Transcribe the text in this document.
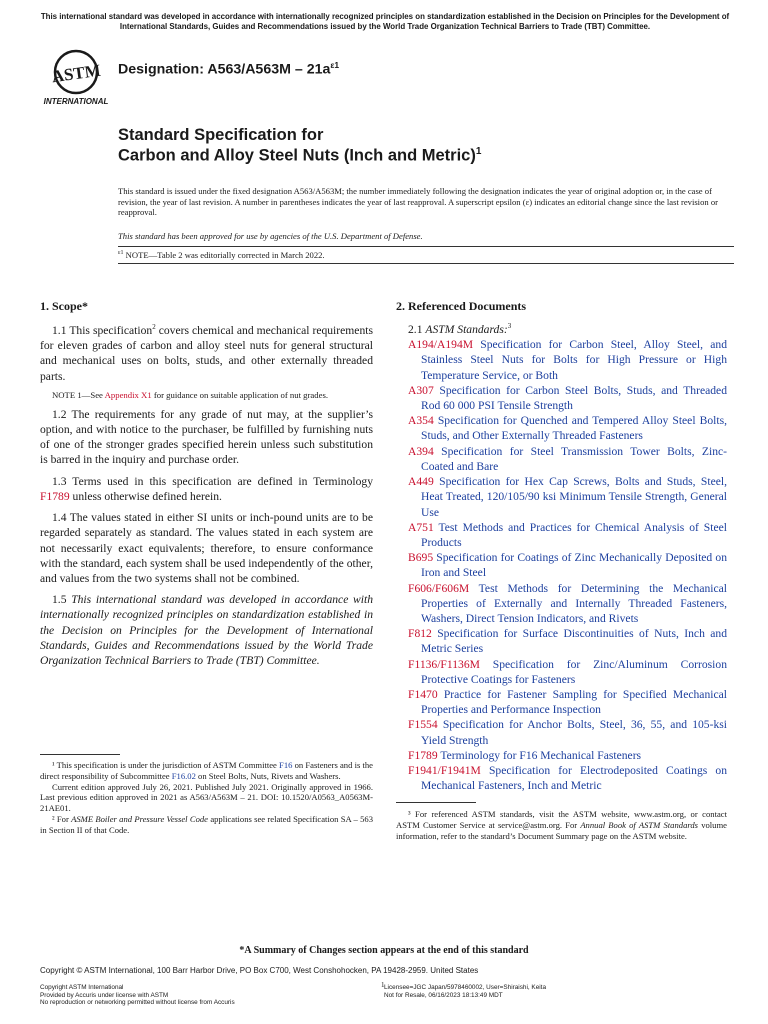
This international standard was developed in accordance with internationally recognized principles on standardization established in the Decision on Principles for the Development of International Standards, Guides and Recommendations issued by the World Trade Organization Technical Barriers to Trade (TBT) Committee.
ASTM
INTERNATIONAL
Designation: $A563/A563M - 21a^{\varepsilon 1}$
Standard Specification for
Carbon and Alloy Steel Nuts (Inch and Metric)$^1$
This standard is issued under the fixed designation A563/A563M; the number immediately following the designation indicates the year of original adoption or, in the case of revision, the year of last revision. A number in parentheses indicates the year of last reapproval. A superscript epsilon (ε) indicates an editorial change since the last revision or reapproval.
This standard has been approved for use by agencies of the U.S. Department of Defense.
$^{\varepsilon 1}$ NOTE—Table 2 was editorially corrected in March 2022.

1. Scope*

1.1 This specification$^2$ covers chemical and mechanical requirements for eleven grades of carbon and alloy steel nuts for general structural and mechanical uses on bolts, studs, and other externally threaded parts.

NOTE 1—See Appendix X1 for guidance on suitable application of nut grades.

1.2 The requirements for any grade of nut may, at the supplier’s option, and with notice to the purchaser, be fulfilled by furnishing nuts of one of the stronger grades specified herein unless such substitution is barred in the inquiry and purchase order.

1.3 Terms used in this specification are defined in Terminology F1789 unless otherwise defined herein.

1.4 The values stated in either SI units or inch-pound units are to be regarded separately as standard. The values stated in each system are not necessarily exact equivalents; therefore, to ensure conformance with the standard, each system shall be used independently of the other, and values from the two systems shall not be combined.

1.5 This international standard was developed in accordance with internationally recognized principles on standardization established in the Decision on Principles for the Development of International Standards, Guides and Recommendations issued by the World Trade Organization Technical Barriers to Trade (TBT) Committee.

¹ This specification is under the jurisdiction of ASTM Committee F16 on Fasteners and is the direct responsibility of Subcommittee F16.02 on Steel Bolts, Nuts, Rivets and Washers.

Current edition approved July 26, 2021. Published July 2021. Originally approved in 1966. Last previous edition approved in 2021 as A563/A563M – 21. DOI: 10.1520/A0563_A0563M-21AE01.

² For ASME Boiler and Pressure Vessel Code applications see related Specification SA – 563 in Section II of that Code.

2. Referenced Documents

2.1 ASTM Standards:$^3$

A194/A194M Specification for Carbon Steel, Alloy Steel, and Stainless Steel Nuts for Bolts for High Pressure or High Temperature Service, or Both
A307 Specification for Carbon Steel Bolts, Studs, and Threaded Rod 60 000 PSI Tensile Strength
A354 Specification for Quenched and Tempered Alloy Steel Bolts, Studs, and Other Externally Threaded Fasteners
A394 Specification for Steel Transmission Tower Bolts, Zinc-Coated and Bare
A449 Specification for Hex Cap Screws, Bolts and Studs, Steel, Heat Treated, 120/105/90 ksi Minimum Tensile Strength, General Use
A751 Test Methods and Practices for Chemical Analysis of Steel Products
B695 Specification for Coatings of Zinc Mechanically Deposited on Iron and Steel
F606/F606M Test Methods for Determining the Mechanical Properties of Externally and Internally Threaded Fasteners, Washers, Direct Tension Indicators, and Rivets
F812 Specification for Surface Discontinuities of Nuts, Inch and Metric Series
F1136/F1136M Specification for Zinc/Aluminum Corrosion Protective Coatings for Fasteners
F1470 Practice for Fastener Sampling for Specified Mechanical Properties and Performance Inspection
F1554 Specification for Anchor Bolts, Steel, 36, 55, and 105-ksi Yield Strength
F1789 Terminology for F16 Mechanical Fasteners
F1941/F1941M Specification for Electrodeposited Coatings on Mechanical Fasteners, Inch and Metric

³ For referenced ASTM standards, visit the ASTM website, www.astm.org, or contact ASTM Customer Service at service@astm.org. For Annual Book of ASTM Standards volume information, refer to the standard’s Document Summary page on the ASTM website.

*A Summary of Changes section appears at the end of this standard
Copyright © ASTM International, 100 Barr Harbor Drive, PO Box C700, West Conshohocken, PA 19428-2959. United States
1
Copyright ASTM International
Provided by Accuris under license with ASTM
No reproduction or networking permitted without license from Accuris
Licensee=JGC Japan/5978460002, User=Shiraishi, Keita
Not for Resale, 06/16/2023 18:13:49 MDT
